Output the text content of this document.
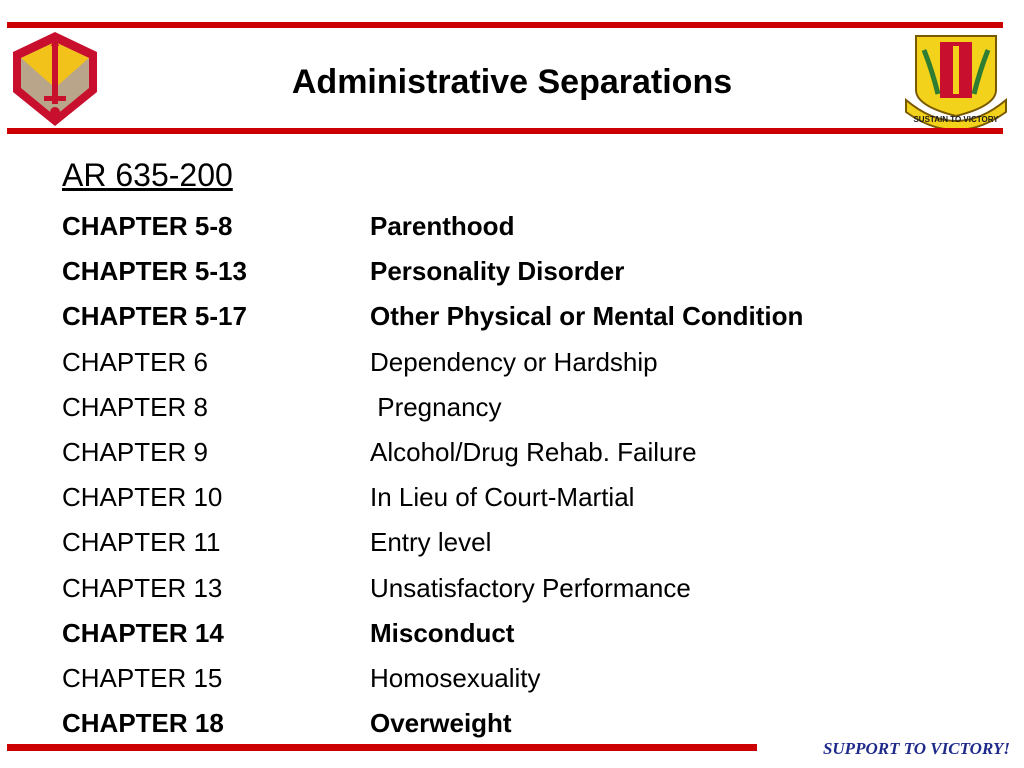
Administrative Separations
SUSTAIN TO VICTORY
AR 635-200
CHAPTER 5-8	Parenthood
CHAPTER 5-13	Personality Disorder
CHAPTER 5-17	Other Physical or Mental Condition
CHAPTER 6	Dependency or Hardship
CHAPTER 8	Pregnancy
CHAPTER 9	Alcohol/Drug Rehab. Failure
CHAPTER 10	In Lieu of Court-Martial
CHAPTER 11	Entry level
CHAPTER 13	Unsatisfactory Performance
CHAPTER 14	Misconduct
CHAPTER 15	Homosexuality
CHAPTER 18	Overweight
SUPPORT TO VICTORY!
